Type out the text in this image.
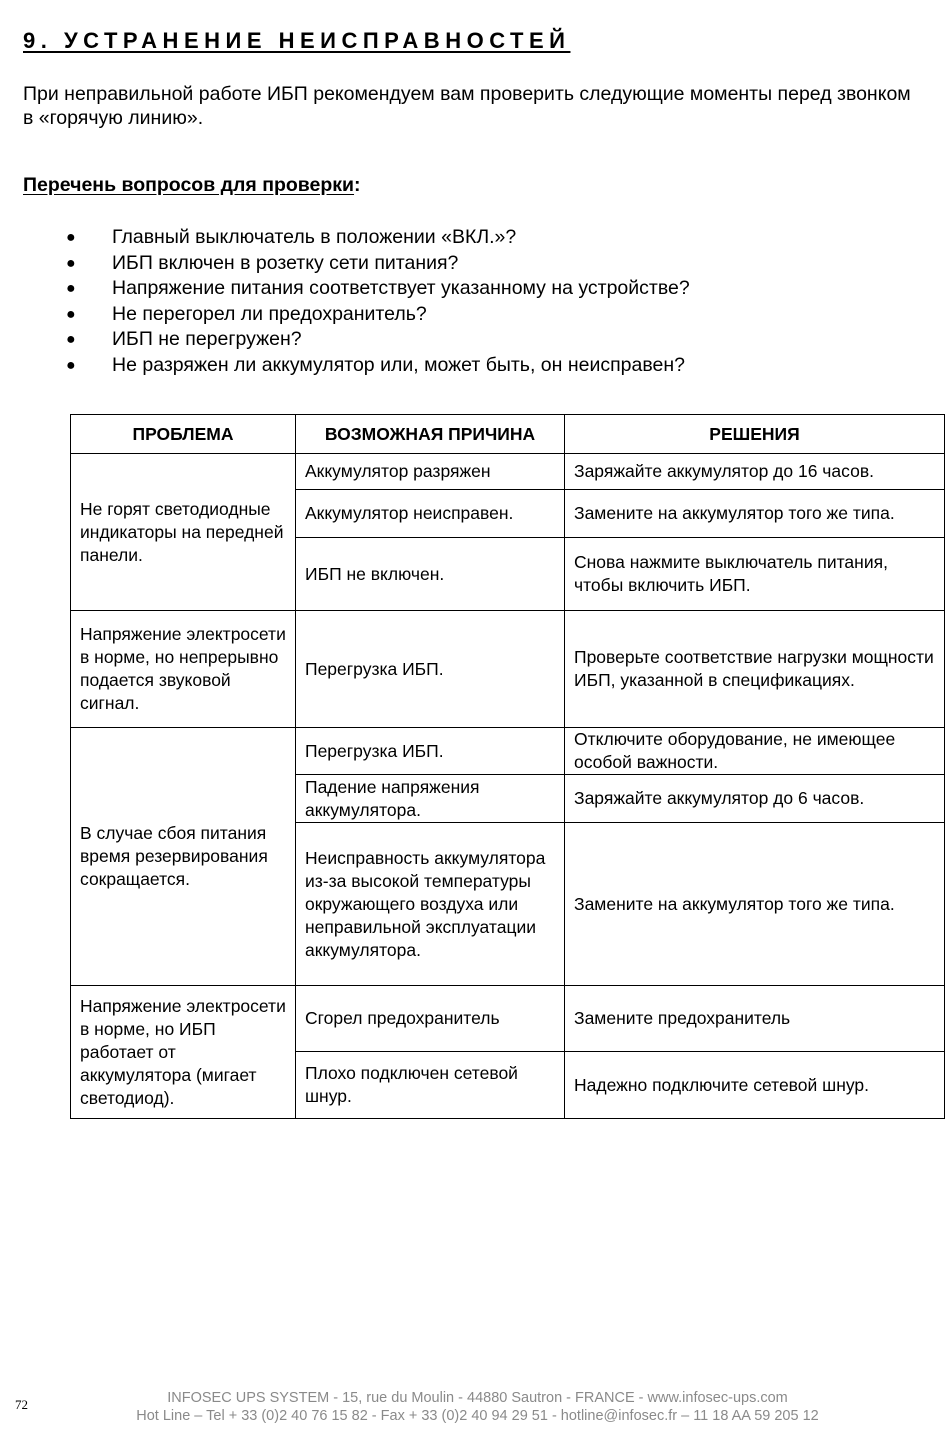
9. УСТРАНЕНИЕ НЕИСПРАВНОСТЕЙ

При неправильной работе ИБП рекомендуем вам проверить следующие моменты перед звонком в «горячую линию».

Перечень вопросов для проверки:
● Главный выключатель в положении «ВКЛ.»?
● ИБП включен в розетку сети питания?
● Напряжение питания соответствует указанному на устройстве?
● Не перегорел ли предохранитель?
● ИБП не перегружен?
● Не разряжен ли аккумулятор или, может быть, он неисправен?
ПРОБЛЕМА	ВОЗМОЖНАЯ ПРИЧИНА	РЕШЕНИЯ
Не горят светодиодные индикаторы на передней панели.	Аккумулятор разряжен	Заряжайте аккумулятор до 16 часов.
	Аккумулятор неисправен.	Замените на аккумулятор того же типа.
	ИБП не включен.	Снова нажмите выключатель питания, чтобы включить ИБП.
Напряжение электросети в норме, но непрерывно подается звуковой сигнал.	Перегрузка ИБП.	Проверьте соответствие нагрузки мощности ИБП, указанной в спецификациях.
В случае сбоя питания время резервирования сокращается.	Перегрузка ИБП.	Отключите оборудование, не имеющее особой важности.
	Падение напряжения аккумулятора.	Заряжайте аккумулятор до 6 часов.
	Неисправность аккумулятора из-за высокой температуры окружающего воздуха или неправильной эксплуатации аккумулятора.	Замените на аккумулятор того же типа.
Напряжение электросети в норме, но ИБП работает от аккумулятора (мигает светодиод).	Сгорел предохранитель	Замените предохранитель
	Плохо подключен сетевой шнур.	Надежно подключите сетевой шнур.
72	INFOSEC UPS SYSTEM - 15, rue du Moulin - 44880 Sautron - FRANCE - www.infosec-ups.com
Hot Line – Tel + 33 (0)2 40 76 15 82 - Fax + 33 (0)2 40 94 29 51 - hotline@infosec.fr – 11 18 AA 59 205 12
